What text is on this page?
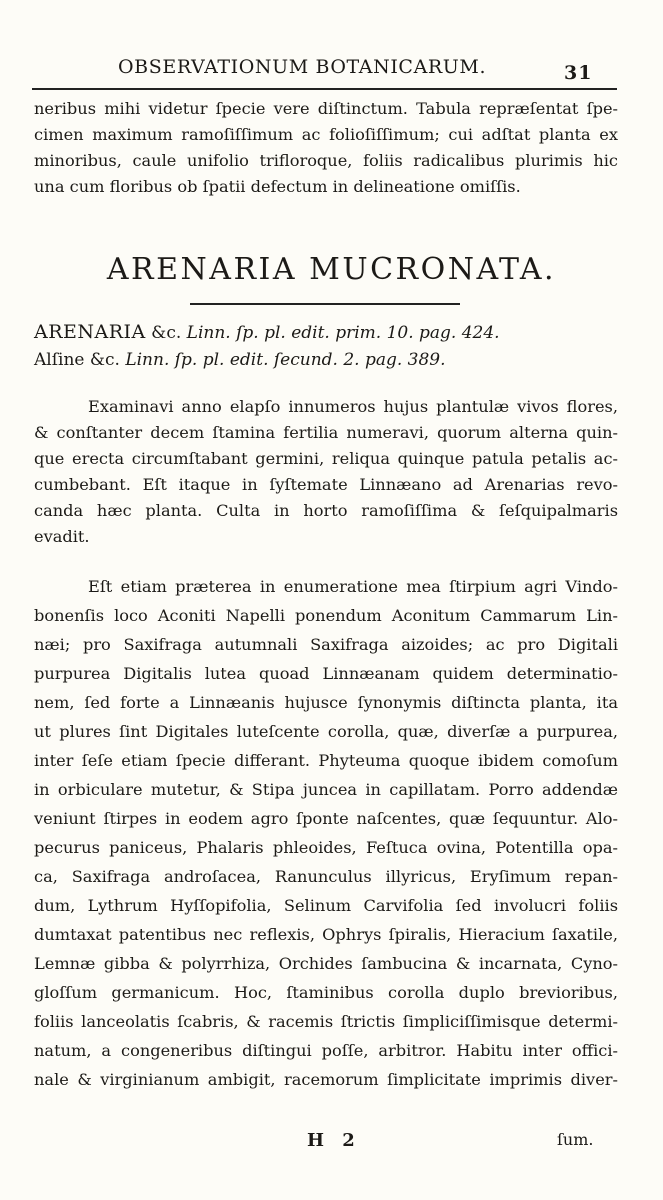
OBSERVATIONUM BOTANICARUM.	31
neribus mihi videtur ſpecie vere diſtinctum. Tabula repræſentat ſpe-
cimen maximum ramoſiſſimum ac folioſiſſimum; cui adſtat planta ex
minoribus, caule unifolio trifloroque, foliis radicalibus plurimis hic
una cum floribus ob ſpatii defectum in delineatione omiſſis.
ARENARIA MUCRONATA.
ARENARIA &c. Linn. ſp. pl. edit. prim. 10. pag. 424.
Alſine &c. Linn. ſp. pl. edit. ſecund. 2. pag. 389.
Examinavi anno elapſo innumeros hujus plantulæ vivos flores,
& conſtanter decem ſtamina fertilia numeravi, quorum alterna quin-
que erecta circumſtabant germini, reliqua quinque patula petalis ac-
cumbebant. Eſt itaque in ſyſtemate Linnæano ad Arenarias revo-
canda hæc planta. Culta in horto ramoſiſſima & ſeſquipalmaris
evadit.
Eſt etiam præterea in enumeratione mea ſtirpium agri Vindo-
bonenſis loco Aconiti Napelli ponendum Aconitum Cammarum Lin-
næi; pro Saxifraga autumnali Saxifraga aizoides; ac pro Digitali
purpurea Digitalis lutea quoad Linnæanam quidem determinatio-
nem, ſed forte a Linnæanis hujusce ſynonymis diſtincta planta, ita
ut plures ſint Digitales luteſcente corolla, quæ, diverſæ a purpurea,
inter ſeſe etiam ſpecie differant. Phyteuma quoque ibidem comoſum
in orbiculare mutetur, & Stipa juncea in capillatam. Porro addendæ
veniunt ſtirpes in eodem agro ſponte naſcentes, quæ ſequuntur. Alo-
pecurus paniceus, Phalaris phleoides, Feſtuca ovina, Potentilla opa-
ca, Saxifraga androſacea, Ranunculus illyricus, Eryſimum repan-
dum, Lythrum Hyſſopifolia, Selinum Carvifolia ſed involucri foliis
dumtaxat patentibus nec reflexis, Ophrys ſpiralis, Hieracium ſaxatile,
Lemnæ gibba & polyrrhiza, Orchides ſambucina & incarnata, Cyno-
gloſſum germanicum. Hoc, ſtaminibus corolla duplo brevioribus,
foliis lanceolatis ſcabris, & racemis ſtrictis ſimpliciſſimisque determi-
natum, a congeneribus diſtingui poſſe, arbitror. Habitu inter offici-
nale & virginianum ambigit, racemorum ſimplicitate imprimis diver-
H 2	ſum.
